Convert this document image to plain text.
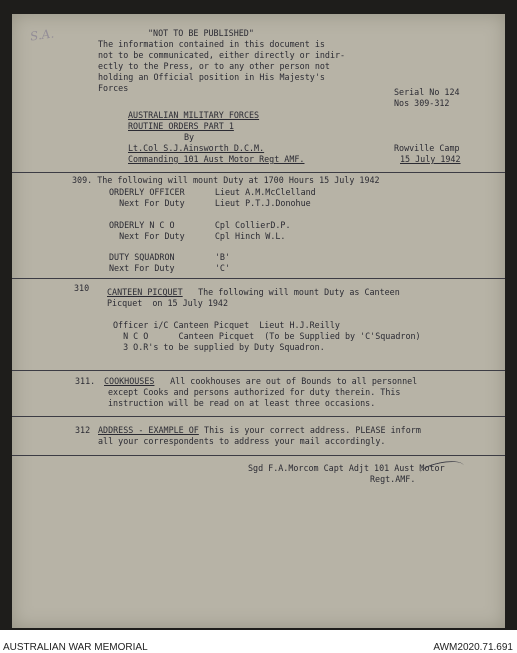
S.A.	"NOT TO BE PUBLISHED"

The information contained in this document is

not to be communicated, either directly or indir-

ectly to the Press, or to any other person not

holding an Official position in His Majesty's

Forces	Serial No 124

Nos 309-312

AUSTRALIAN MILITARY FORCES

ROUTINE ORDERS PART 1

By

Lt.Col S.J.Ainsworth D.C.M.

Commanding 101 Aust Motor Regt AMF.

Rowville Camp

15 July 1942

309. The following will mount Duty at 1700 Hours 15 July 1942

ORDERLY OFFICER      Lieut A.M.McClelland

Next For Duty      Lieut P.T.J.Donohue

ORDERLY N C O        Cpl CollierD.P.

Next For Duty      Cpl Hinch W.L.

DUTY SQUADRON        'B'

Next For Duty        'C'

310 CANTEEN PICQUET The following will mount Duty as Canteen

Picquet  on 15 July 1942

Officer i/C Canteen Picquet  Lieut H.J.Reilly

N C O      Canteen Picquet  (To be Supplied by 'C'Squadron)

3 O.R's to be supplied by Duty Squadron.

311. COOKHOUSES All cookhouses are out of Bounds to all personnel

except Cooks and persons authorized for duty therein. This

instruction will be read on at least three occasions.

312 ADDRESS - EXAMPLE OF This is your correct address. PLEASE inform

all your correspondents to address your mail accordingly.

Sgd F.A.Morcom Capt Adjt 101 Aust Motor

Regt.AMF.

AUSTRALIAN WAR MEMORIAL	AWM2020.71.691
